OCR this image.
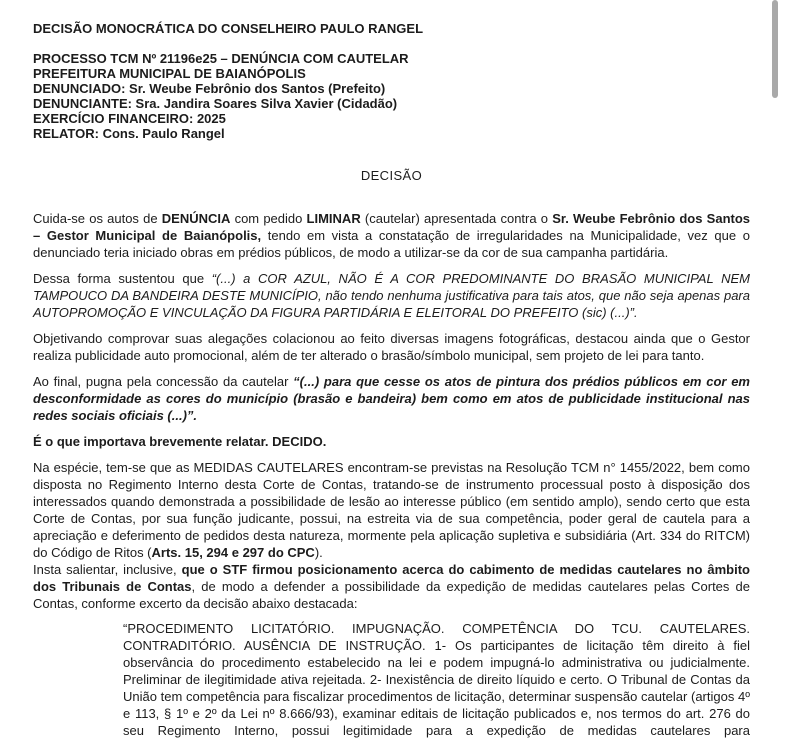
DECISÃO MONOCRÁTICA DO CONSELHEIRO PAULO RANGEL
PROCESSO TCM Nº 21196e25 – DENÚNCIA COM CAUTELAR
PREFEITURA MUNICIPAL DE BAIANÓPOLIS
DENUNCIADO: Sr. Weube Febrônio dos Santos (Prefeito)
DENUNCIANTE: Sra. Jandira Soares Silva Xavier (Cidadão)
EXERCÍCIO FINANCEIRO: 2025
RELATOR: Cons. Paulo Rangel
DECISÃO

Cuida-se os autos de DENÚNCIA com pedido LIMINAR (cautelar) apresentada contra o Sr. Weube Febrônio dos Santos – Gestor Municipal de Baianópolis, tendo em vista a constatação de irregularidades na Municipalidade, vez que o denunciado teria iniciado obras em prédios públicos, de modo a utilizar-se da cor de sua campanha partidária.

Dessa forma sustentou que “(...) a COR AZUL, NÃO É A COR PREDOMINANTE DO BRASÃO MUNICIPAL NEM TAMPOUCO DA BANDEIRA DESTE MUNICÍPIO, não tendo nenhuma justificativa para tais atos, que não seja apenas para AUTOPROMOÇÃO E VINCULAÇÃO DA FIGURA PARTIDÁRIA E ELEITORAL DO PREFEITO (sic) (...)”.

Objetivando comprovar suas alegações colacionou ao feito diversas imagens fotográficas, destacou ainda que o Gestor realiza publicidade auto promocional, além de ter alterado o brasão/símbolo municipal, sem projeto de lei para tanto.

Ao final, pugna pela concessão da cautelar “(...) para que cesse os atos de pintura dos prédios públicos em cor em desconformidade as cores do município (brasão e bandeira) bem como em atos de publicidade institucional nas redes sociais oficiais (...)”.

É o que importava brevemente relatar. DECIDO.

Na espécie, tem-se que as MEDIDAS CAUTELARES encontram-se previstas na Resolução TCM n° 1455/2022, bem como disposta no Regimento Interno desta Corte de Contas, tratando-se de instrumento processual posto à disposição dos interessados quando demonstrada a possibilidade de lesão ao interesse público (em sentido amplo), sendo certo que esta Corte de Contas, por sua função judicante, possui, na estreita via de sua competência, poder geral de cautela para a apreciação e deferimento de pedidos desta natureza, mormente pela aplicação supletiva e subsidiária (Art. 334 do RITCM) do Código de Ritos (Arts. 15, 294 e 297 do CPC).

Insta salientar, inclusive, que o STF firmou posicionamento acerca do cabimento de medidas cautelares no âmbito dos Tribunais de Contas, de modo a defender a possibilidade da expedição de medidas cautelares pelas Cortes de Contas, conforme excerto da decisão abaixo destacada:

“PROCEDIMENTO LICITATÓRIO. IMPUGNAÇÃO. COMPETÊNCIA DO TCU. CAUTELARES. CONTRADITÓRIO. AUSÊNCIA DE INSTRUÇÃO. 1- Os participantes de licitação têm direito à fiel observância do procedimento estabelecido na lei e podem impugná-lo administrativa ou judicialmente. Preliminar de ilegitimidade ativa rejeitada. 2- Inexistência de direito líquido e certo. O Tribunal de Contas da União tem competência para fiscalizar procedimentos de licitação, determinar suspensão cautelar (artigos 4º e 113, § 1º e 2º da Lei nº 8.666/93), examinar editais de licitação publicados e, nos termos do art. 276 do seu Regimento Interno, possui legitimidade para a expedição de medidas cautelares para
